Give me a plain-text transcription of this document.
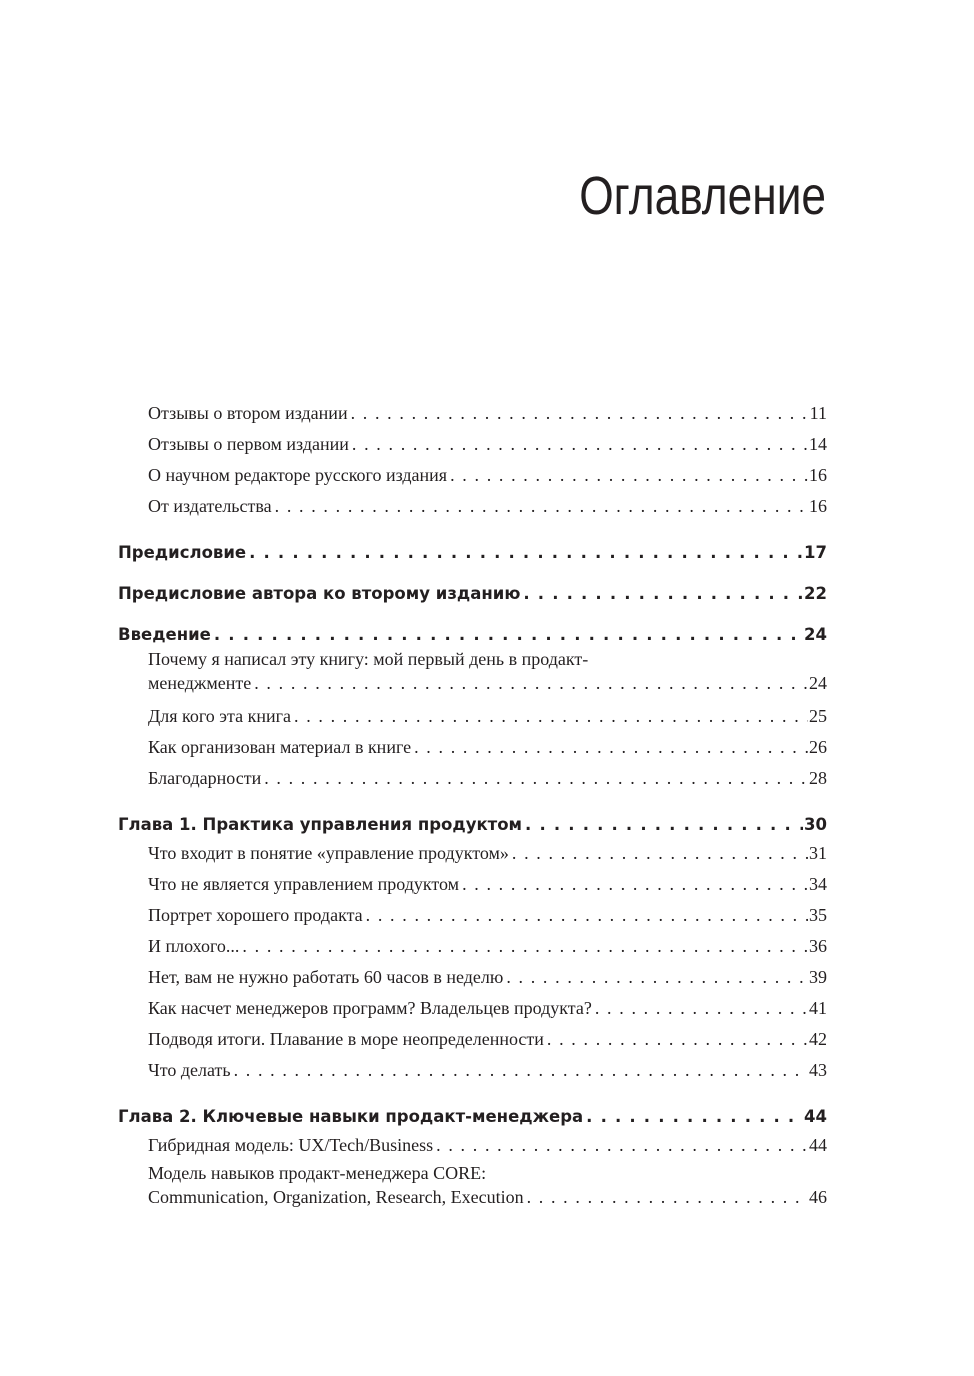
Оглавление
Отзывы о втором издании . . .	11
Отзывы о первом издании . . .	14
О научном редакторе русского издания . . .	16
От издательства . . .	16
Предисловие . . .	17
Предисловие автора ко второму изданию . . .	22
Введение . . .	24
Почему я написал эту книгу: мой первый день в продакт-
менеджменте . . .	24
Для кого эта книга . . .	25
Как организован материал в книге . . .	26
Благодарности . . .	28
Глава 1. Практика управления продуктом . . .	30
Что входит в понятие «управление продуктом» . . .	31
Что не является управлением продуктом . . .	34
Портрет хорошего продакта . . .	35
И плохого... . . .	36
Нет, вам не нужно работать 60 часов в неделю . . .	39
Как насчет менеджеров программ? Владельцев продукта? . . .	41
Подводя итоги. Плавание в море неопределенности . . .	42
Что делать . . .	43
Глава 2. Ключевые навыки продакт-менеджера . . .	44
Гибридная модель: UX/Tech/Business . . .	44
Модель навыков продакт-менеджера CORE:
Communication, Organization, Research, Execution . . .	46
